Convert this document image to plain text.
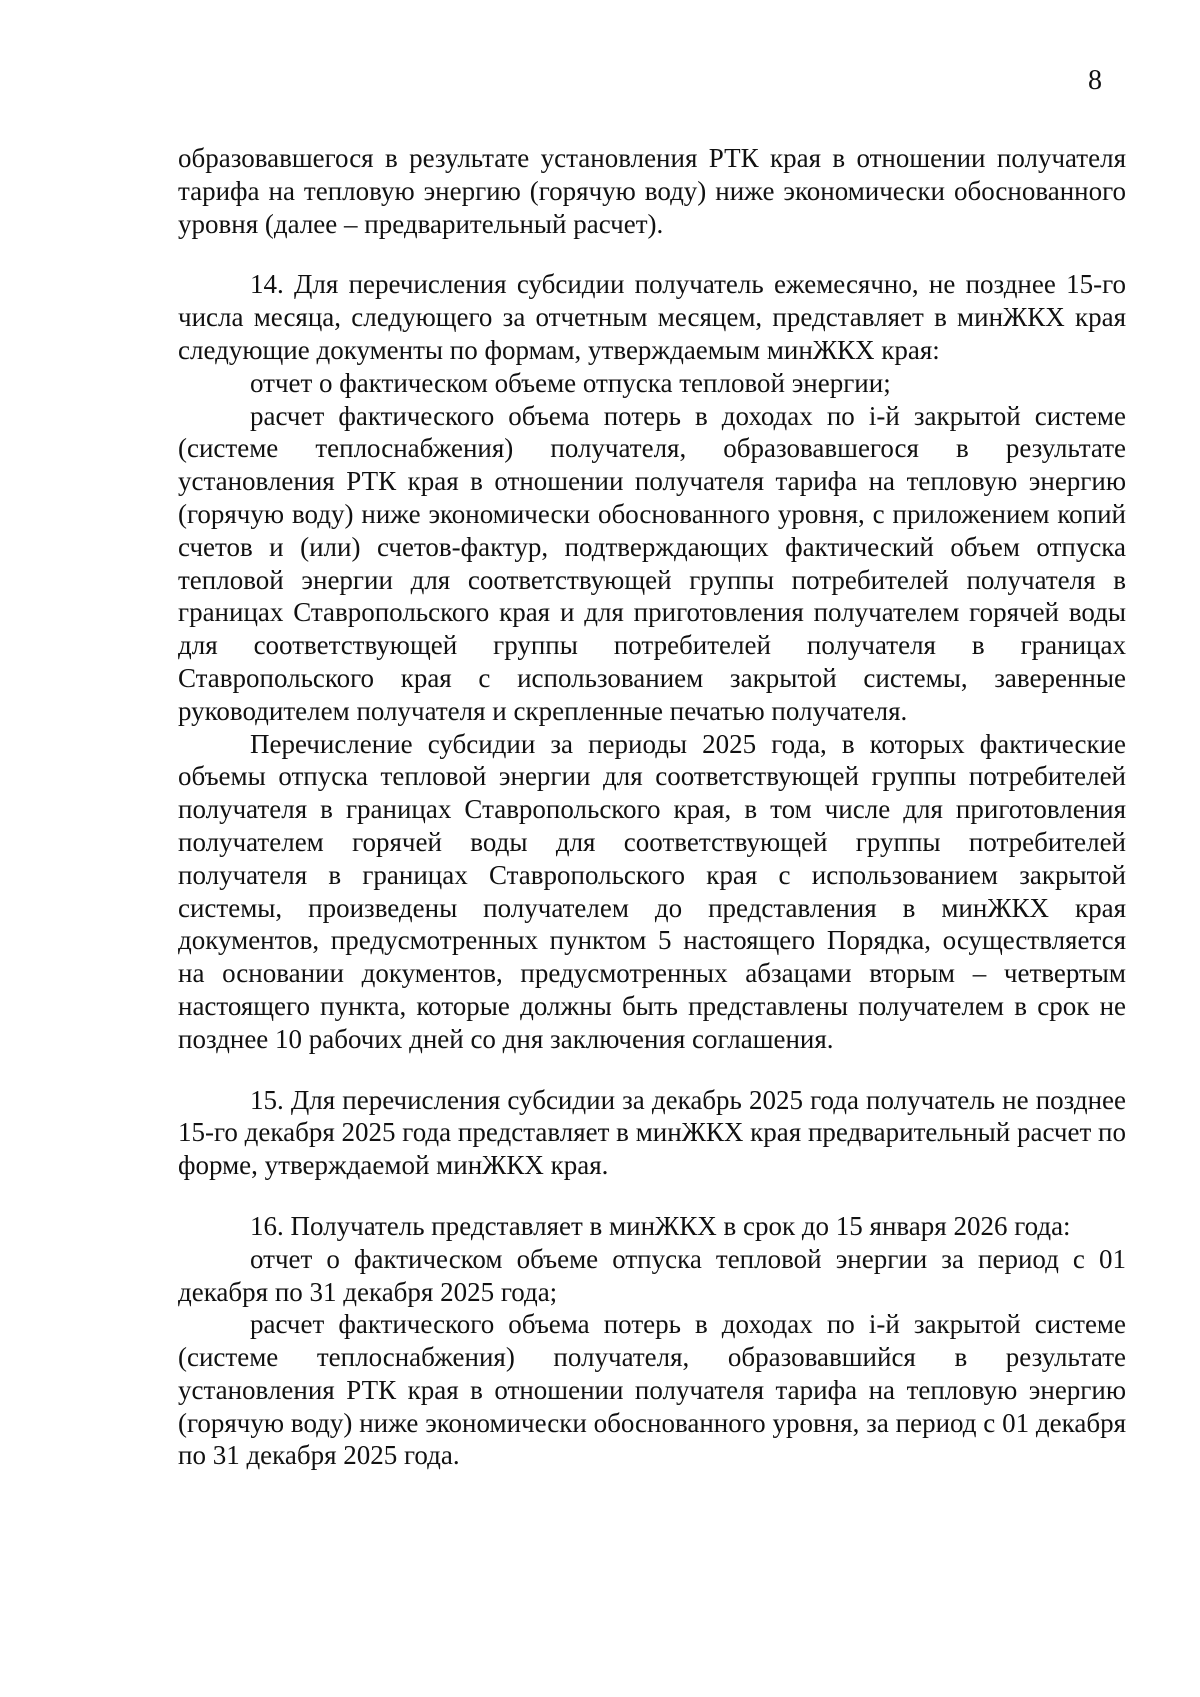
8

образовавшегося в результате установления РТК края в отношении получателя тарифа на тепловую энергию (горячую воду) ниже экономически обоснованного уровня (далее – предварительный расчет).

14. Для перечисления субсидии получатель ежемесячно, не позднее 15-го числа месяца, следующего за отчетным месяцем, представляет в минЖКХ края следующие документы по формам, утверждаемым минЖКХ края:

отчет о фактическом объеме отпуска тепловой энергии;

расчет фактического объема потерь в доходах по i-й закрытой системе (системе теплоснабжения) получателя, образовавшегося в результате установления РТК края в отношении получателя тарифа на тепловую энергию (горячую воду) ниже экономически обоснованного уровня, с приложением копий счетов и (или) счетов-фактур, подтверждающих фактический объем отпуска тепловой энергии для соответствующей группы потребителей получателя в границах Ставропольского края и для приготовления получателем горячей воды для соответствующей группы потребителей получателя в границах Ставропольского края с использованием закрытой системы, заверенные руководителем получателя и скрепленные печатью получателя.

Перечисление субсидии за периоды 2025 года, в которых фактические объемы отпуска тепловой энергии для соответствующей группы потребителей получателя в границах Ставропольского края, в том числе для приготовления получателем горячей воды для соответствующей группы потребителей получателя в границах Ставропольского края с использованием закрытой системы, произведены получателем до представления в минЖКХ края документов, предусмотренных пунктом 5 настоящего Порядка, осуществляется на основании документов, предусмотренных абзацами вторым – четвертым настоящего пункта, которые должны быть представлены получателем в срок не позднее 10 рабочих дней со дня заключения соглашения.

15. Для перечисления субсидии за декабрь 2025 года получатель не позднее 15-го декабря 2025 года представляет в минЖКХ края предварительный расчет по форме, утверждаемой минЖКХ края.

16. Получатель представляет в минЖКХ в срок до 15 января 2026 года:

отчет о фактическом объеме отпуска тепловой энергии за период с 01 декабря по 31 декабря 2025 года;

расчет фактического объема потерь в доходах по i-й закрытой системе (системе теплоснабжения) получателя, образовавшийся в результате установления РТК края в отношении получателя тарифа на тепловую энергию (горячую воду) ниже экономически обоснованного уровня, за период с 01 декабря по 31 декабря 2025 года.
